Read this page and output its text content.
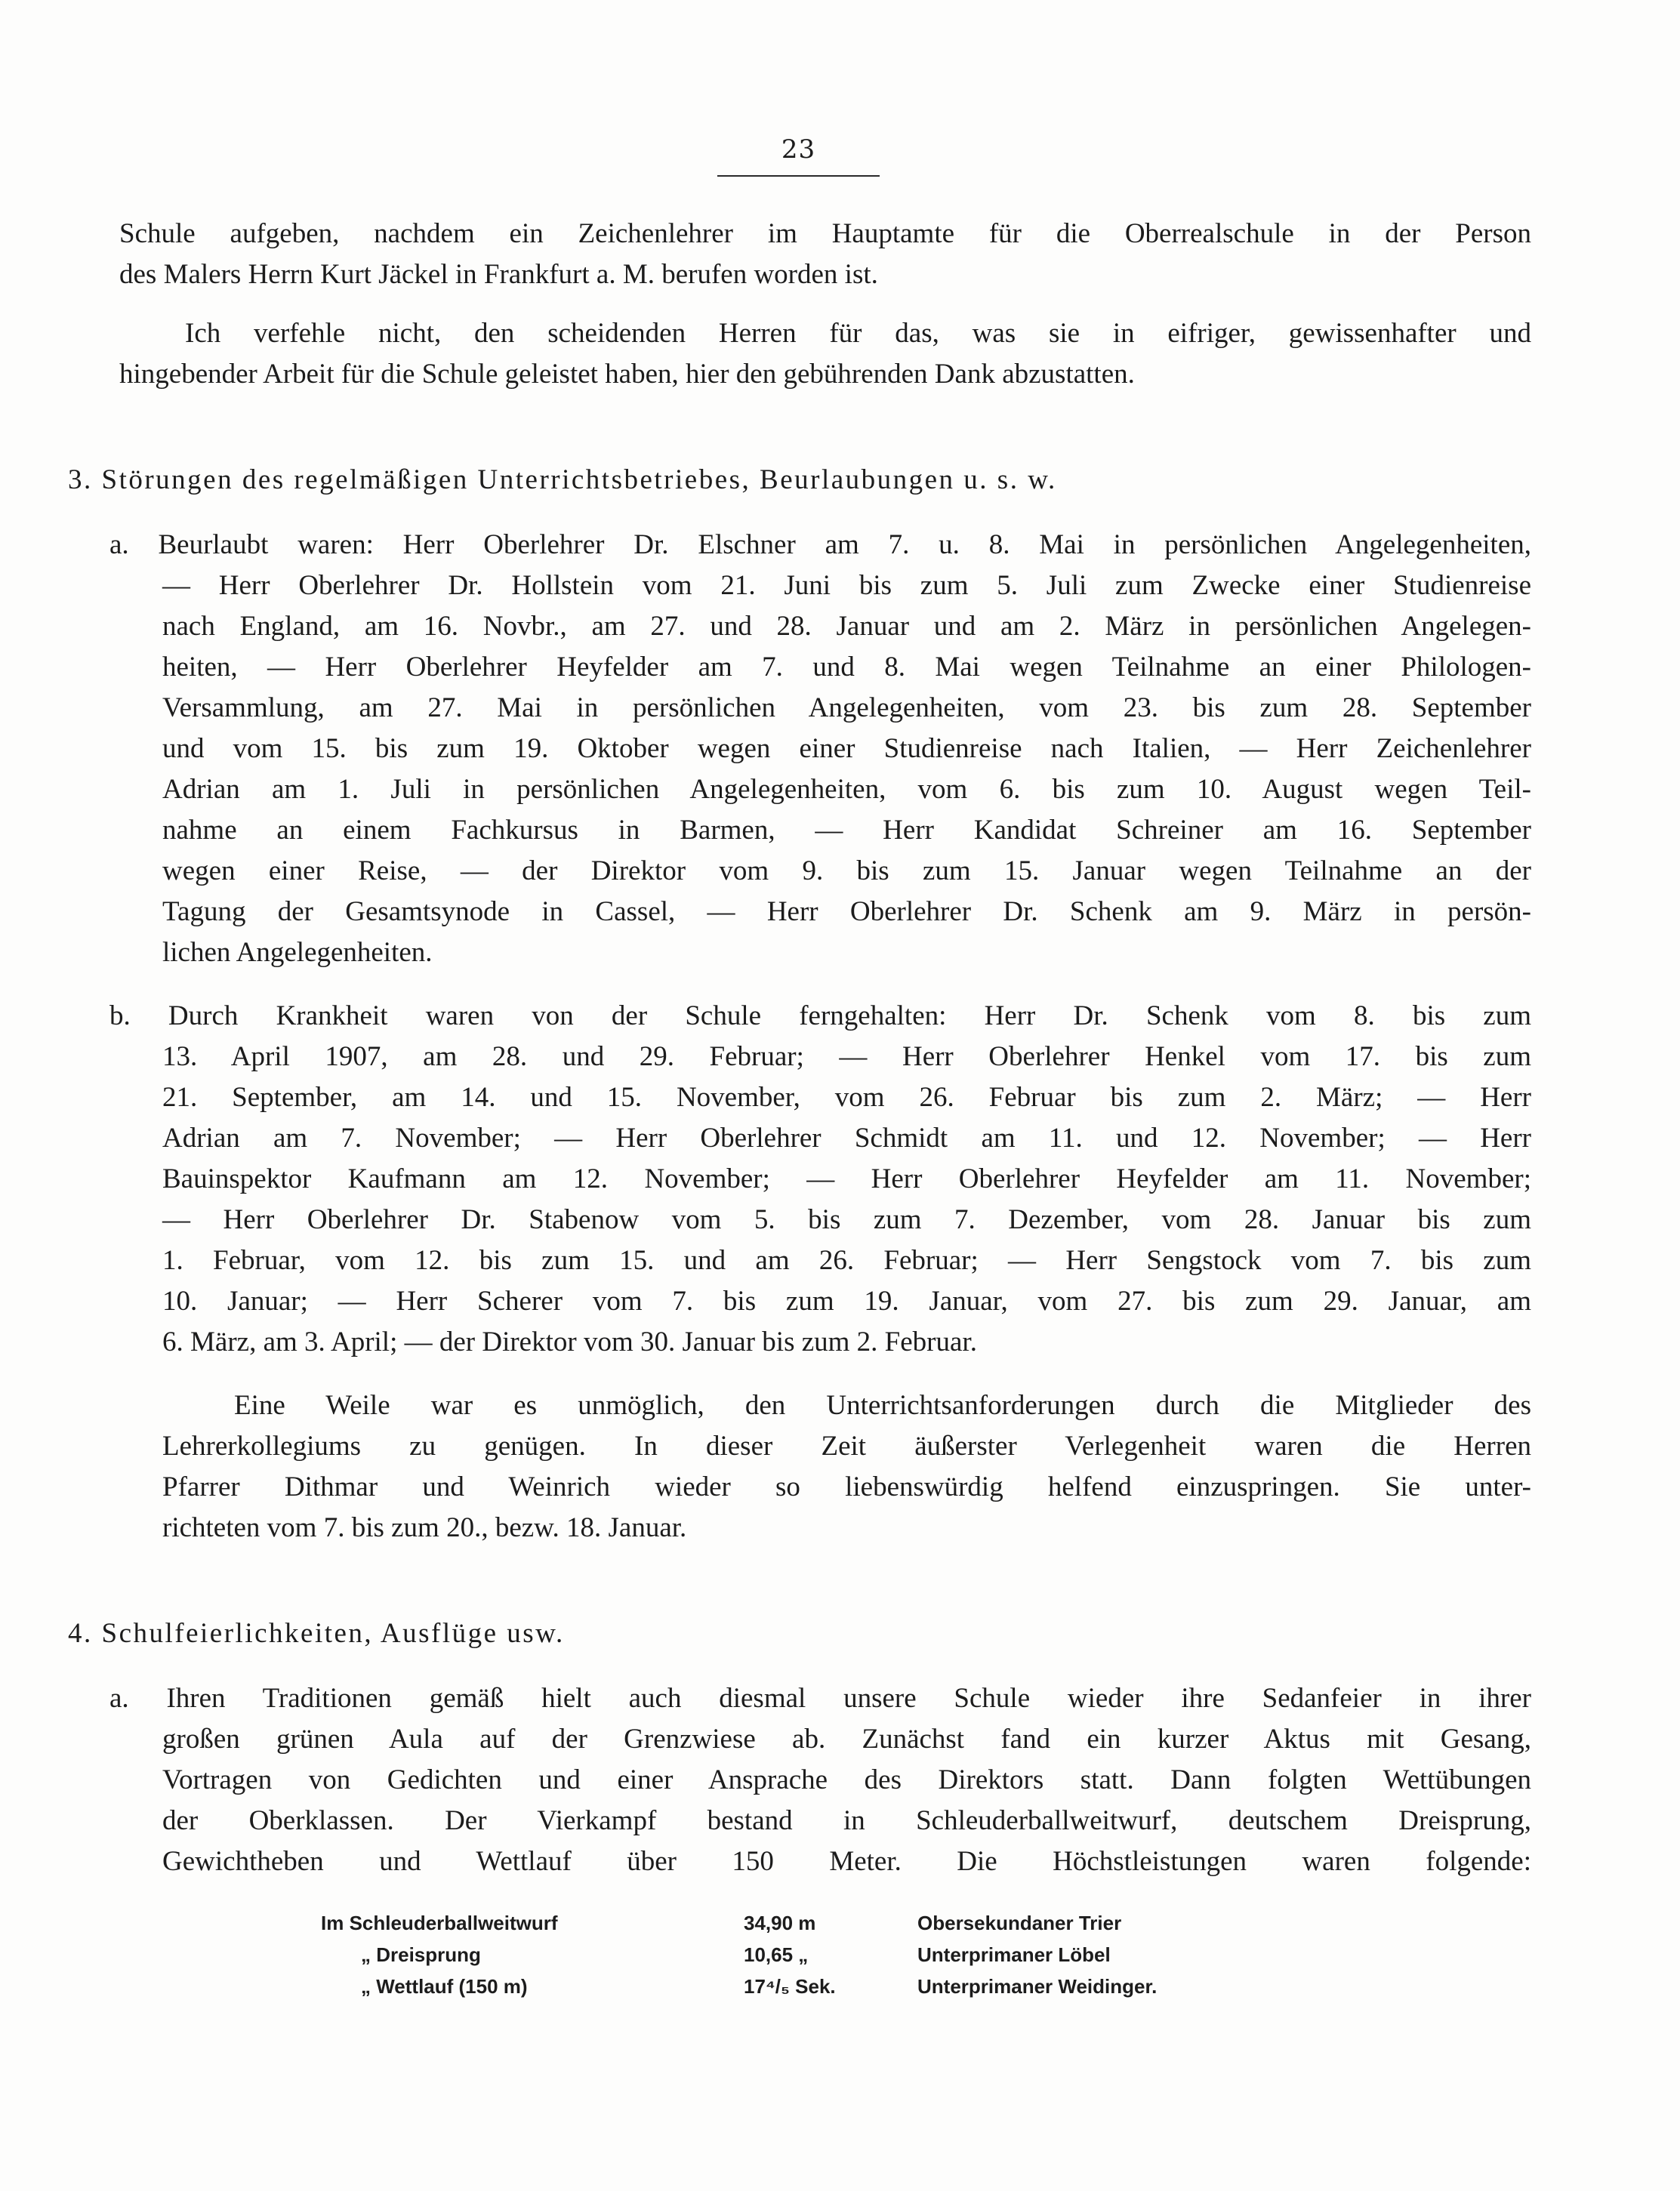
23
Schule aufgeben, nachdem ein Zeichenlehrer im Hauptamte für die Oberrealschule in der Person
des Malers Herrn Kurt Jäckel in Frankfurt a. M. berufen worden ist.
Ich verfehle nicht, den scheidenden Herren für das, was sie in eifriger, gewissenhafter und
hingebender Arbeit für die Schule geleistet haben, hier den gebührenden Dank abzustatten.
3. Störungen des regelmäßigen Unterrichtsbetriebes, Beurlaubungen u. s. w.
a. Beurlaubt waren: Herr Oberlehrer Dr. Elschner am 7. u. 8. Mai in persönlichen Angelegenheiten,
— Herr Oberlehrer Dr. Hollstein vom 21. Juni bis zum 5. Juli zum Zwecke einer Studienreise
nach England, am 16. Novbr., am 27. und 28. Januar und am 2. März in persönlichen Angelegen-
heiten, — Herr Oberlehrer Heyfelder am 7. und 8. Mai wegen Teilnahme an einer Philologen-
Versammlung, am 27. Mai in persönlichen Angelegenheiten, vom 23. bis zum 28. September
und vom 15. bis zum 19. Oktober wegen einer Studienreise nach Italien, — Herr Zeichenlehrer
Adrian am 1. Juli in persönlichen Angelegenheiten, vom 6. bis zum 10. August wegen Teil-
nahme an einem Fachkursus in Barmen, — Herr Kandidat Schreiner am 16. September
wegen einer Reise, — der Direktor vom 9. bis zum 15. Januar wegen Teilnahme an der
Tagung der Gesamtsynode in Cassel, — Herr Oberlehrer Dr. Schenk am 9. März in persön-
lichen Angelegenheiten.
b. Durch Krankheit waren von der Schule ferngehalten: Herr Dr. Schenk vom 8. bis zum
13. April 1907, am 28. und 29. Februar; — Herr Oberlehrer Henkel vom 17. bis zum
21. September, am 14. und 15. November, vom 26. Februar bis zum 2. März; — Herr
Adrian am 7. November; — Herr Oberlehrer Schmidt am 11. und 12. November; — Herr
Bauinspektor Kaufmann am 12. November; — Herr Oberlehrer Heyfelder am 11. November;
— Herr Oberlehrer Dr. Stabenow vom 5. bis zum 7. Dezember, vom 28. Januar bis zum
1. Februar, vom 12. bis zum 15. und am 26. Februar; — Herr Sengstock vom 7. bis zum
10. Januar; — Herr Scherer vom 7. bis zum 19. Januar, vom 27. bis zum 29. Januar, am
6. März, am 3. April; — der Direktor vom 30. Januar bis zum 2. Februar.
Eine Weile war es unmöglich, den Unterrichtsanforderungen durch die Mitglieder des
Lehrerkollegiums zu genügen. In dieser Zeit äußerster Verlegenheit waren die Herren
Pfarrer Dithmar und Weinrich wieder so liebenswürdig helfend einzuspringen. Sie unter-
richteten vom 7. bis zum 20., bezw. 18. Januar.
4. Schulfeierlichkeiten, Ausflüge usw.
a. Ihren Traditionen gemäß hielt auch diesmal unsere Schule wieder ihre Sedanfeier in ihrer
großen grünen Aula auf der Grenzwiese ab. Zunächst fand ein kurzer Aktus mit Gesang,
Vortragen von Gedichten und einer Ansprache des Direktors statt. Dann folgten Wettübungen
der Oberklassen. Der Vierkampf bestand in Schleuderballweitwurf, deutschem Dreisprung,
Gewichtheben und Wettlauf über 150 Meter. Die Höchstleistungen waren folgende:
Im Schleuderballweitwurf	34,90 m	Obersekundaner Trier
„ Dreisprung	10,65 „	Unterprimaner Löbel
„ Wettlauf (150 m)	17⁴/₅ Sek.	Unterprimaner Weidinger.
